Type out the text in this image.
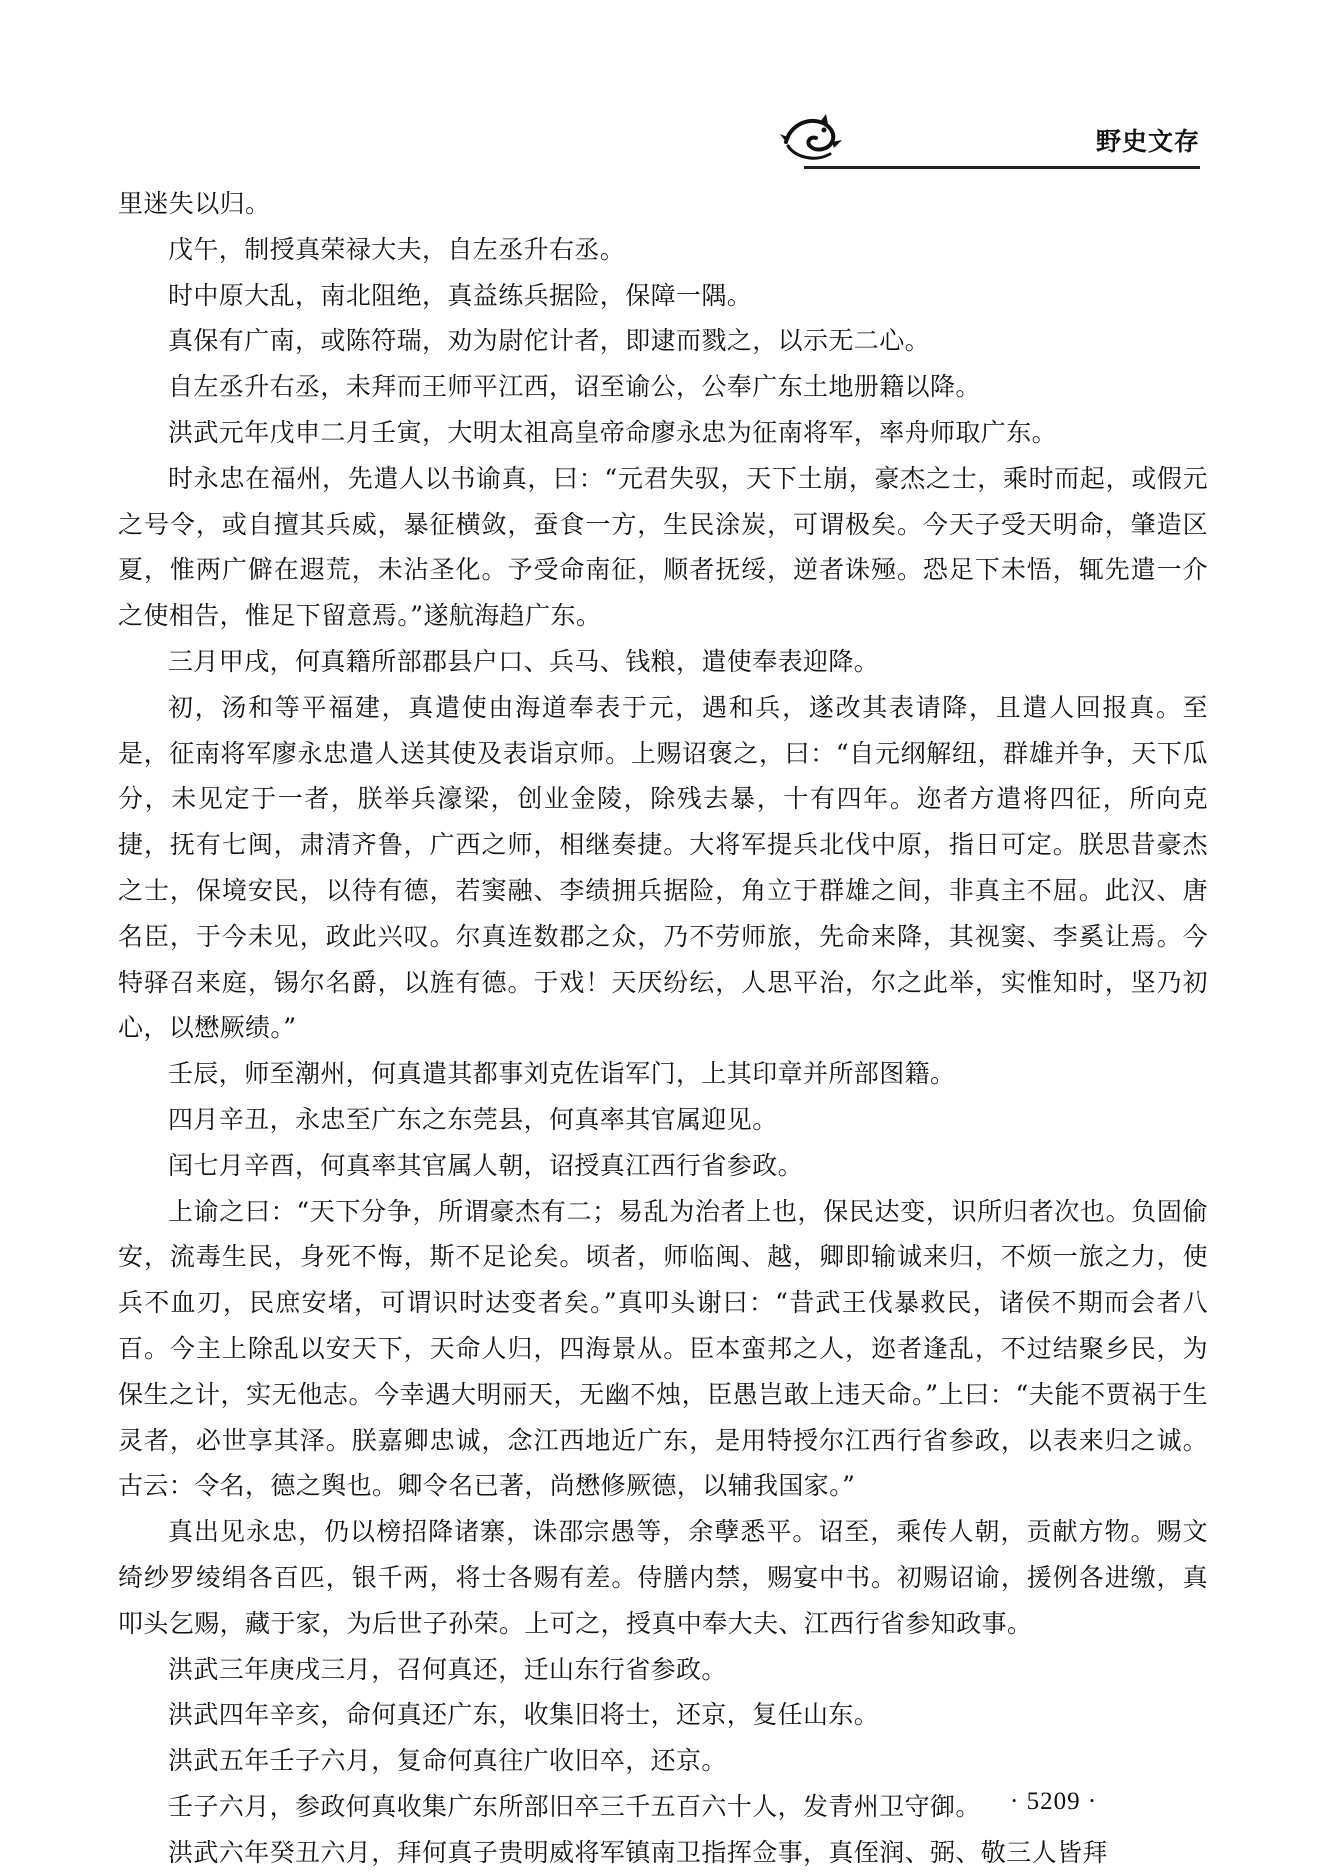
野史文存

里迷失以归。

戊午，制授真荣禄大夫，自左丞升右丞。

时中原大乱，南北阻绝，真益练兵据险，保障一隅。

真保有广南，或陈符瑞，劝为尉佗计者，即逮而戮之，以示无二心。

自左丞升右丞，未拜而王师平江西，诏至谕公，公奉广东土地册籍以降。

洪武元年戊申二月壬寅，大明太祖高皇帝命廖永忠为征南将军，率舟师取广东。

时永忠在福州，先遣人以书谕真，曰：“元君失驭，天下土崩，豪杰之士，乘时而起，或假元之号令，或自擅其兵威，暴征横敛，蚕食一方，生民涂炭，可谓极矣。今天子受天明命，肇造区夏，惟两广僻在遐荒，未沾圣化。予受命南征，顺者抚绥，逆者诛殛。恐足下未悟，辄先遣一介之使相告，惟足下留意焉。”遂航海趋广东。

三月甲戌，何真籍所部郡县户口、兵马、钱粮，遣使奉表迎降。

初，汤和等平福建，真遣使由海道奉表于元，遇和兵，遂改其表请降，且遣人回报真。至是，征南将军廖永忠遣人送其使及表诣京师。上赐诏褒之，曰：“自元纲解纽，群雄并争，天下瓜分，未见定于一者，朕举兵濠梁，创业金陵，除残去暴，十有四年。迩者方遣将四征，所向克捷，抚有七闽，肃清齐鲁，广西之师，相继奏捷。大将军提兵北伐中原，指日可定。朕思昔豪杰之士，保境安民，以待有德，若窦融、李绩拥兵据险，角立于群雄之间，非真主不屈。此汉、唐名臣，于今未见，政此兴叹。尔真连数郡之众，乃不劳师旅，先命来降，其视窦、李奚让焉。今特驿召来庭，锡尔名爵，以旌有德。于戏！天厌纷纭，人思平治，尔之此举，实惟知时，坚乃初心，以懋厥绩。”

壬辰，师至潮州，何真遣其都事刘克佐诣军门，上其印章并所部图籍。

四月辛丑，永忠至广东之东莞县，何真率其官属迎见。

闰七月辛酉，何真率其官属人朝，诏授真江西行省参政。

上谕之曰：“天下分争，所谓豪杰有二；易乱为治者上也，保民达变，识所归者次也。负固偷安，流毒生民，身死不悔，斯不足论矣。顷者，师临闽、越，卿即输诚来归，不烦一旅之力，使兵不血刃，民庶安堵，可谓识时达变者矣。”真叩头谢曰：“昔武王伐暴救民，诸侯不期而会者八百。今主上除乱以安天下，天命人归，四海景从。臣本蛮邦之人，迩者逢乱，不过结聚乡民，为保生之计，实无他志。今幸遇大明丽天，无幽不烛，臣愚岂敢上违天命。”上曰：“夫能不贾祸于生灵者，必世享其泽。朕嘉卿忠诚，念江西地近广东，是用特授尔江西行省参政，以表来归之诚。古云：令名，德之舆也。卿令名已著，尚懋修厥德，以辅我国家。”

真出见永忠，仍以榜招降诸寨，诛邵宗愚等，余孽悉平。诏至，乘传人朝，贡献方物。赐文绮纱罗绫绢各百匹，银千两，将士各赐有差。侍膳内禁，赐宴中书。初赐诏谕，援例各进缴，真叩头乞赐，藏于家，为后世子孙荣。上可之，授真中奉大夫、江西行省参知政事。

洪武三年庚戌三月，召何真还，迁山东行省参政。

洪武四年辛亥，命何真还广东，收集旧将士，还京，复任山东。

洪武五年壬子六月，复命何真往广收旧卒，还京。

壬子六月，参政何真收集广东所部旧卒三千五百六十人，发青州卫守御。

洪武六年癸丑六月，拜何真子贵明威将军镇南卫指挥佥事，真侄润、弼、敬三人皆拜

· 5209 ·
